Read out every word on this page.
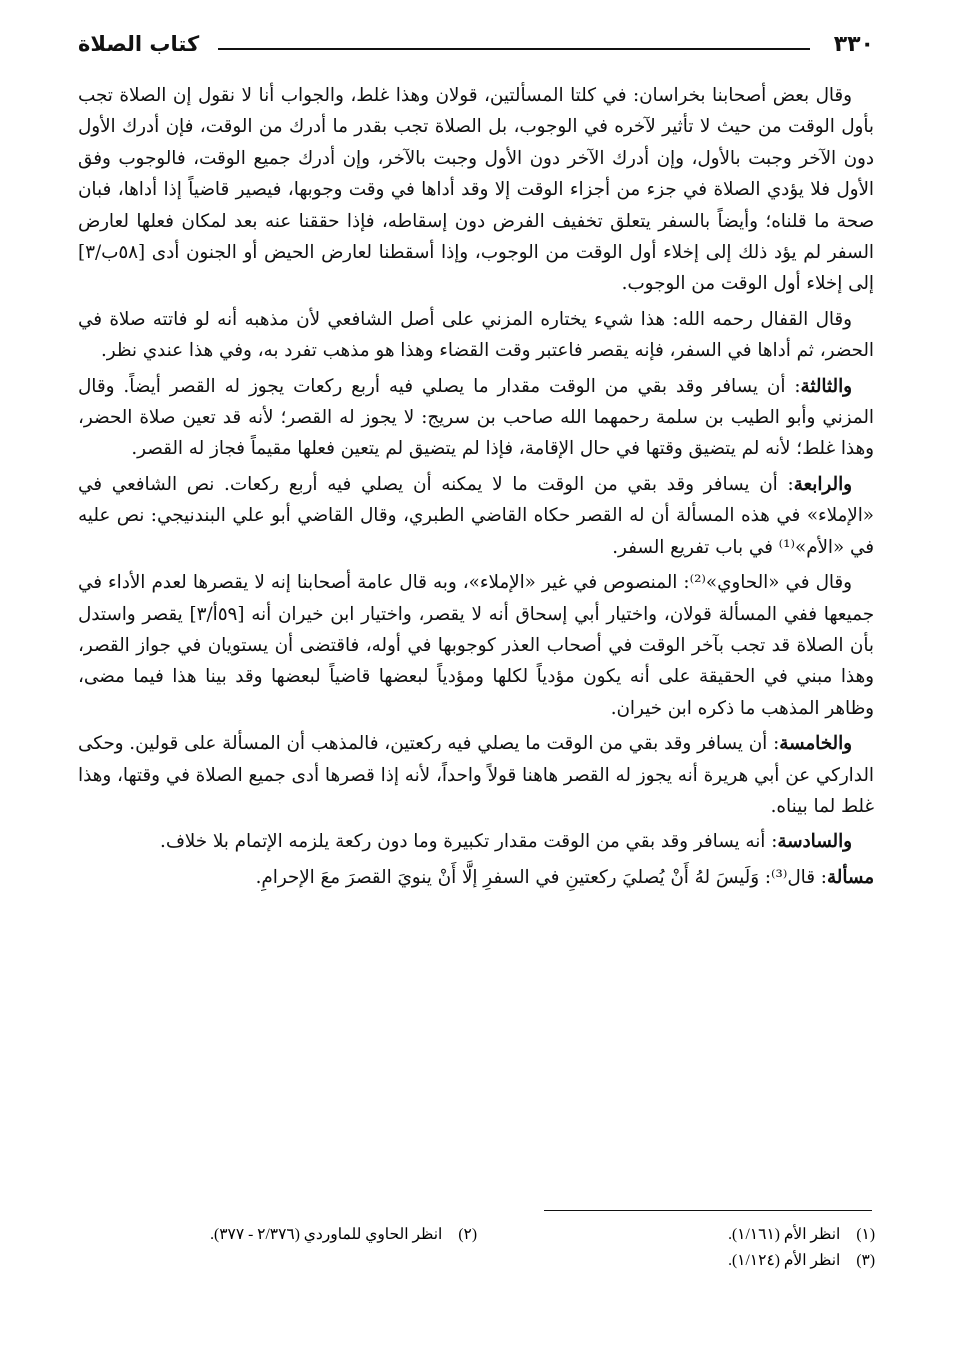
٣٣٠
كتاب الصلاة

وقال بعض أصحابنا بخراسان: في كلتا المسألتين، قولان وهذا غلط، والجواب أنا لا نقول إن الصلاة تجب بأول الوقت من حيث لا تأثير لآخره في الوجوب، بل الصلاة تجب بقدر ما أدرك من الوقت، فإن أدرك الأول دون الآخر وجبت بالأول، وإن أدرك الآخر دون الأول وجبت بالآخر، وإن أدرك جميع الوقت، فالوجوب وفق الأول فلا يؤدي الصلاة في جزء من أجزاء الوقت إلا وقد أداها في وقت وجوبها، فيصير قاضياً إذا أداها، فبان صحة ما قلناه؛ وأيضاً بالسفر يتعلق تخفيف الفرض دون إسقاطه، فإذا حققنا عنه بعد لمكان فعلها لعارض السفر لم يؤد ذلك إلى إخلاء أول الوقت من الوجوب، وإذا أسقطنا لعارض الحيض أو الجنون أدى [٥٨ب/٣] إلى إخلاء أول الوقت من الوجوب.

وقال القفال رحمه الله: هذا شيء يختاره المزني على أصل الشافعي لأن مذهبه أنه لو فاتته صلاة في الحضر، ثم أداها في السفر، فإنه يقصر فاعتبر وقت القضاء وهذا هو مذهب تفرد به، وفي هذا عندي نظر.

والثالثة: أن يسافر وقد بقي من الوقت مقدار ما يصلي فيه أربع ركعات يجوز له القصر أيضاً. وقال المزني وأبو الطيب بن سلمة رحمهما الله صاحب بن سريج: لا يجوز له القصر؛ لأنه قد تعين صلاة الحضر، وهذا غلط؛ لأنه لم يتضيق وقتها في حال الإقامة، فإذا لم يتضيق لم يتعين فعلها مقيماً فجاز له القصر.

والرابعة: أن يسافر وقد بقي من الوقت ما لا يمكنه أن يصلي فيه أربع ركعات. نص الشافعي في «الإملاء» في هذه المسألة أن له القصر حكاه القاضي الطبري، وقال القاضي أبو علي البندنيجي: نص عليه في «الأم»⁽¹⁾ في باب تفريع السفر.

وقال في «الحاوي»⁽²⁾: المنصوص في غير «الإملاء»، وبه قال عامة أصحابنا إنه لا يقصرها لعدم الأداء في جميعها ففي المسألة قولان، واختيار أبي إسحاق أنه لا يقصر، واختيار ابن خيران أنه [٥٩أ/٣] يقصر واستدل بأن الصلاة قد تجب بآخر الوقت في أصحاب العذر كوجوبها في أوله، فاقتضى أن يستويان في جواز القصر، وهذا مبني في الحقيقة على أنه يكون مؤدياً لكلها ومؤدياً لبعضها قاضياً لبعضها وقد بينا هذا فيما مضى، وظاهر المذهب ما ذكره ابن خيران.

والخامسة: أن يسافر وقد بقي من الوقت ما يصلي فيه ركعتين، فالمذهب أن المسألة على قولين. وحكى الداركي عن أبي هريرة أنه يجوز له القصر هاهنا قولاً واحداً، لأنه إذا قصرها أدى جميع الصلاة في وقتها، وهذا غلط لما بيناه.

والسادسة: أنه يسافر وقد بقي من الوقت مقدار تكبيرة وما دون ركعة يلزمه الإتمام بلا خلاف.

مسألة: قال⁽³⁾: وَلَيسَ لهُ أَنْ يُصليَ ركعتينِ في السفرِ إلَّا أَنْ ينويَ القصرَ معَ الإحرامِ.

(١)انظر الأم (١/١٦١).
(٢)انظر الحاوي للماوردي (٢/٣٧٦ - ٣٧٧).
(٣)انظر الأم (١/١٢٤).
